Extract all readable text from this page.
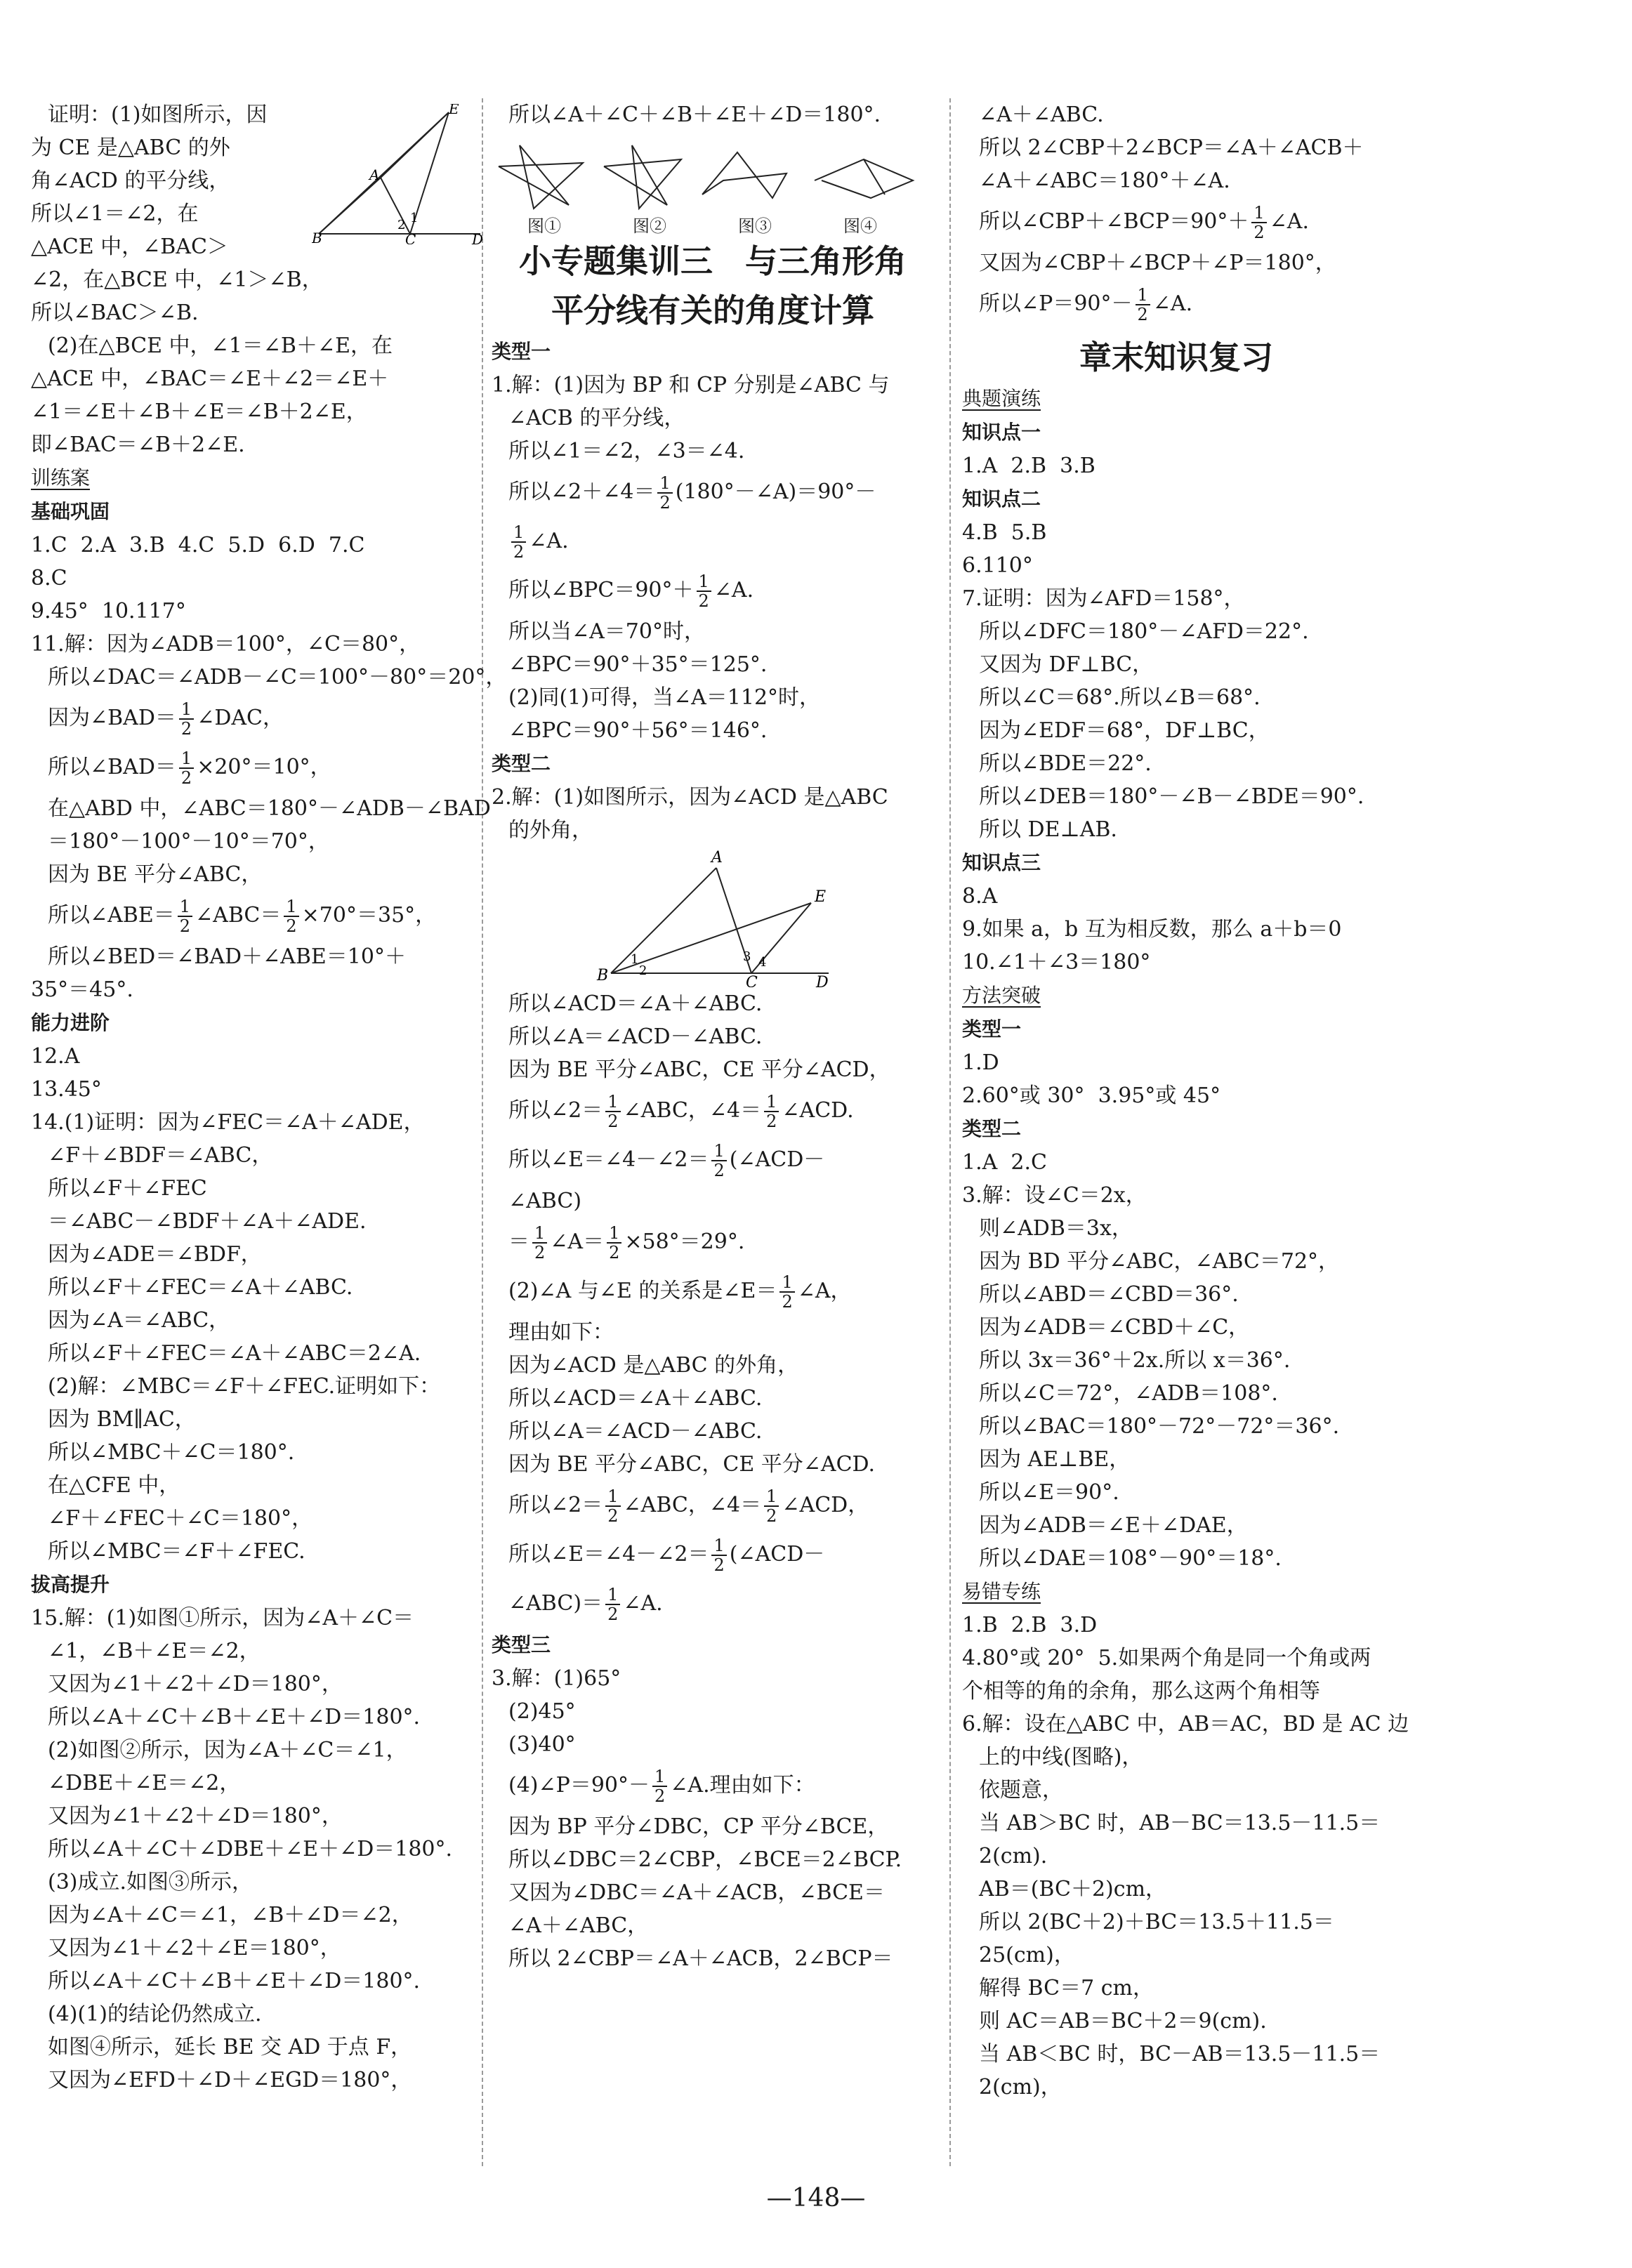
E
A
2 1
B	C	D
证明：(1)如图所示，因
为 CE 是△ABC 的外
角∠ACD 的平分线，
所以∠1＝∠2，在
△ACE 中，∠BAC＞
∠2，在△BCE 中，∠1＞∠B，
所以∠BAC＞∠B.
(2)在△BCE 中，∠1＝∠B＋∠E，在
△ACE 中，∠BAC＝∠E＋∠2＝∠E＋
∠1＝∠E＋∠B＋∠E＝∠B＋2∠E，
即∠BAC＝∠B＋2∠E.
训练案
基础巩固
1.C  2.A  3.B  4.C  5.D  6.D  7.C
8.C
9.45°  10.117°
11.解：因为∠ADB＝100°，∠C＝80°，
所以∠DAC＝∠ADB－∠C＝100°－80°＝20°，
因为∠BAD＝ $\frac{1}{2}$ ∠DAC，
所以∠BAD＝ $\frac{1}{2} \times 20^\circ=10^\circ$，
在△ABD 中，∠ABC＝180°－∠ADB－∠BAD
＝180°－100°－10°＝70°，
因为 BE 平分∠ABC，
所以∠ABE＝ $\frac{1}{2}$ ∠ABC＝ $\frac{1}{2} \times 70^\circ=35^\circ$，
所以∠BED＝∠BAD＋∠ABE＝10°＋
35°＝45°.
能力进阶
12.A
13.45°
14.(1)证明：因为∠FEC＝∠A＋∠ADE，
∠F＋∠BDF＝∠ABC，
所以∠F＋∠FEC
＝∠ABC－∠BDF＋∠A＋∠ADE.
因为∠ADE＝∠BDF，
所以∠F＋∠FEC＝∠A＋∠ABC.
因为∠A＝∠ABC，
所以∠F＋∠FEC＝∠A＋∠ABC＝2∠A.
(2)解：∠MBC＝∠F＋∠FEC.证明如下：
因为 BM∥AC，
所以∠MBC＋∠C＝180°.
在△CFE 中，
∠F＋∠FEC＋∠C＝180°，
所以∠MBC＝∠F＋∠FEC.
拔高提升
15.解：(1)如图①所示，因为∠A＋∠C＝
∠1，∠B＋∠E＝∠2，
又因为∠1＋∠2＋∠D＝180°，
所以∠A＋∠C＋∠B＋∠E＋∠D＝180°.
(2)如图②所示，因为∠A＋∠C＝∠1，
∠DBE＋∠E＝∠2，
又因为∠1＋∠2＋∠D＝180°，
所以∠A＋∠C＋∠DBE＋∠E＋∠D＝180°.
(3)成立.如图③所示，
因为∠A＋∠C＝∠1，∠B＋∠D＝∠2，
又因为∠1＋∠2＋∠E＝180°，
所以∠A＋∠C＋∠B＋∠E＋∠D＝180°.
(4)(1)的结论仍然成立.
如图④所示，延长 BE 交 AD 于点 F，
又因为∠EFD＋∠D＋∠EGD＝180°，
所以∠A＋∠C＋∠B＋∠E＋∠D＝180°.
图①	图②	图③	图④
小专题集训三　与三角形角
平分线有关的角度计算
类型一
1.解：(1)因为 BP 和 CP 分别是∠ABC 与
∠ACB 的平分线，
所以∠1＝∠2，∠3＝∠4.
所以∠2＋∠4＝ $\frac{1}{2}$ (180°－∠A)＝90°－
$\frac{1}{2}$ ∠A.
所以∠BPC＝90°＋ $\frac{1}{2}$ ∠A.
所以当∠A＝70°时，
∠BPC＝90°＋35°＝125°.
(2)同(1)可得，当∠A＝112°时，
∠BPC＝90°＋56°＝146°.
类型二
2.解：(1)如图所示，因为∠ACD 是△ABC
的外角，
A
E
B
1
2
3 4
C	D
所以∠ACD＝∠A＋∠ABC.
所以∠A＝∠ACD－∠ABC.
因为 BE 平分∠ABC，CE 平分∠ACD，
所以∠2＝ $\frac{1}{2}$ ∠ABC，∠4＝ $\frac{1}{2}$ ∠ACD.
所以∠E＝∠4－∠2＝ $\frac{1}{2}$ (∠ACD－
∠ABC)
＝ $\frac{1}{2}$ ∠A＝ $\frac{1}{2} \times 58^\circ=29^\circ$.
(2)∠A 与∠E 的关系是∠E＝ $\frac{1}{2}$ ∠A，
理由如下：
因为∠ACD 是△ABC 的外角，
所以∠ACD＝∠A＋∠ABC.
所以∠A＝∠ACD－∠ABC.
因为 BE 平分∠ABC，CE 平分∠ACD.
所以∠2＝ $\frac{1}{2}$ ∠ABC，∠4＝ $\frac{1}{2}$ ∠ACD，
所以∠E＝∠4－∠2＝ $\frac{1}{2}$ (∠ACD－
∠ABC)＝ $\frac{1}{2}$ ∠A.
类型三
3.解：(1)65°
(2)45°
(3)40°
(4)∠P＝90°－ $\frac{1}{2}$ ∠A.理由如下：
因为 BP 平分∠DBC，CP 平分∠BCE，
所以∠DBC＝2∠CBP，∠BCE＝2∠BCP.
又因为∠DBC＝∠A＋∠ACB，∠BCE＝
∠A＋∠ABC，
所以 2∠CBP＝∠A＋∠ACB，2∠BCP＝
∠A＋∠ABC.
所以 2∠CBP＋2∠BCP＝∠A＋∠ACB＋
∠A＋∠ABC＝180°＋∠A.
所以∠CBP＋∠BCP＝90°＋ $\frac{1}{2}$ ∠A.
又因为∠CBP＋∠BCP＋∠P＝180°，
所以∠P＝90°－ $\frac{1}{2}$ ∠A.
章末知识复习
典题演练
知识点一
1.A  2.B  3.B
知识点二
4.B  5.B
6.110°
7.证明：因为∠AFD＝158°，
所以∠DFC＝180°－∠AFD＝22°.
又因为 DF⊥BC，
所以∠C＝68°.所以∠B＝68°.
因为∠EDF＝68°，DF⊥BC，
所以∠BDE＝22°.
所以∠DEB＝180°－∠B－∠BDE＝90°.
所以 DE⊥AB.
知识点三
8.A
9.如果 a，b 互为相反数，那么 a＋b＝0
10.∠1＋∠3＝180°
方法突破
类型一
1.D
2.60°或 30°  3.95°或 45°
类型二
1.A  2.C
3.解：设∠C＝2x，
则∠ADB＝3x，
因为 BD 平分∠ABC，∠ABC＝72°，
所以∠ABD＝∠CBD＝36°.
因为∠ADB＝∠CBD＋∠C，
所以 3x＝36°＋2x.所以 x＝36°.
所以∠C＝72°，∠ADB＝108°.
所以∠BAC＝180°－72°－72°＝36°.
因为 AE⊥BE，
所以∠E＝90°.
因为∠ADB＝∠E＋∠DAE，
所以∠DAE＝108°－90°＝18°.
易错专练
1.B  2.B  3.D
4.80°或 20°  5.如果两个角是同一个角或两
个相等的角的余角，那么这两个角相等
6.解：设在△ABC 中，AB＝AC，BD 是 AC 边
上的中线(图略)，
依题意，
当 AB＞BC 时，AB－BC＝13.5－11.5＝
2(cm).
AB＝(BC＋2)cm，
所以 2(BC＋2)＋BC＝13.5＋11.5＝
25(cm)，
解得 BC＝7 cm，
则 AC＝AB＝BC＋2＝9(cm).
当 AB＜BC 时，BC－AB＝13.5－11.5＝
2(cm)，
—148—
